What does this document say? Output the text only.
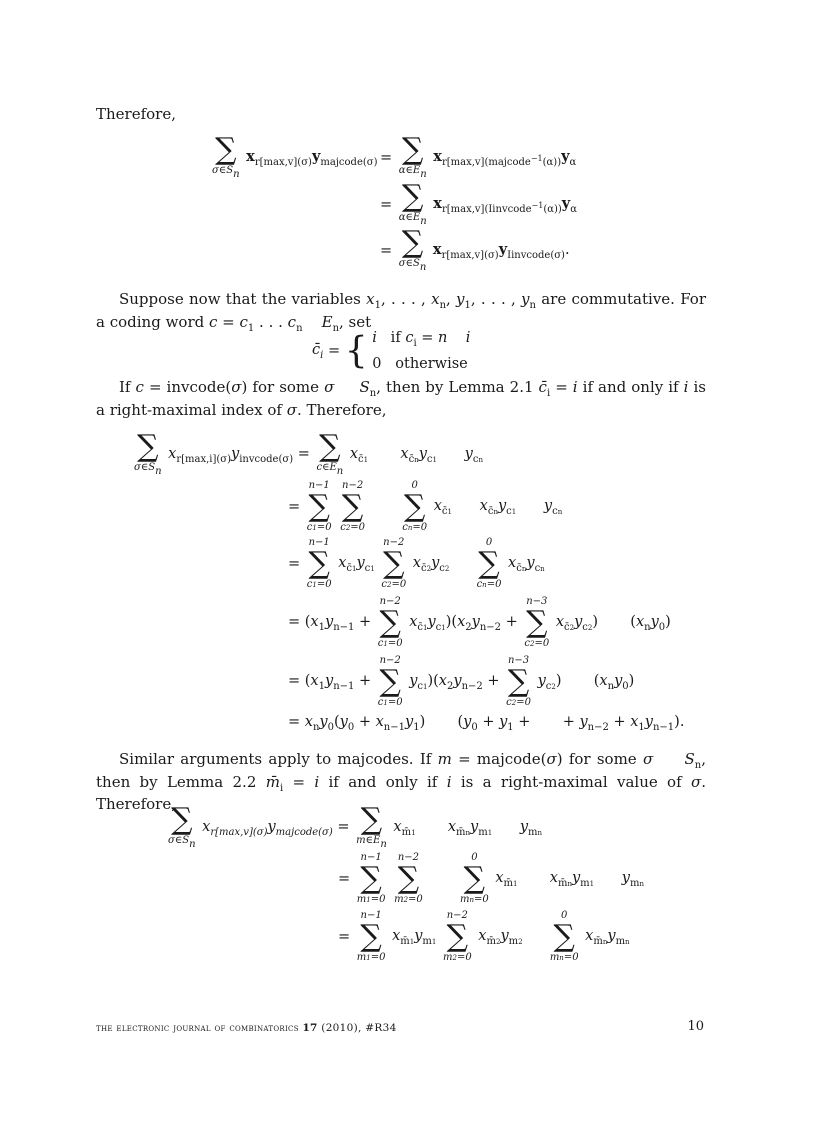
Therefore,

∑
σ∈Sn
$x_{r[max,v](\sigma)}y_{majcode(\sigma)}$ = ∑
α∈En
$x_{r[max,v](majcode^{-1}(\alpha))}y_\alpha$
= ∑
α∈En
$x_{r[max,v](Iinvcode^{-1}(\alpha))}y_\alpha$
= ∑
σ∈Sn
$x_{r[max,v](\sigma)}y_{Iinvcode(\sigma)}$.

Suppose now that the variables $x_1$, . . . , $x_n$, $y_1$, . . . , $y_n$ are commutative. For a coding word $c = c_1$ . . . $c_n$ $E_n$, set

$c̄_i$ = { i   if $c_i = n$ i
0   otherwise

If c = invcode(σ) for some σ $S_n$, then by Lemma 2.1 $c̄_i = i$ if and only if i is a right-maximal index of σ. Therefore,

∑
σ∈Sn
$x_{r[max,i](\sigma)}y_{invcode(\sigma)}$ = ∑
c∈En
$x_{c̄1}$ $x_{c̄n}y_{c1}$ $y_{cn}$
=
n−1
∑
c1=0

n−2
∑
c2=0

0
∑
cn=0
$x_{c̄1}$ $x_{c̄n}y_{c1}$ $y_{cn}$
=
n−1
∑
c1=0
$x_{c̄1}y_{c1}$
n−2
∑
c2=0
$x_{c̄2}y_{c2}$
0
∑
cn=0
$x_{c̄n}y_{cn}$
= ($x_1y_{n-1}$ +
n−2
∑
c1=0
$x_{c̄1}y_{c1})(x_2y_{n-2}$ +
n−3
∑
c2=0
$x_{c̄2}y_{c2}$)       $(x_ny_0)$
= ($x_1y_{n-1}$ +
n−2
∑
c1=0
$y_{c1})(x_2y_{n-2}$ +
n−3
∑
c2=0
$y_{c2}$)       $(x_ny_0)$
= $x_ny_0(y_0 + x_{n-1}y_1)$       ($y_0 + y_1$ +       + $y_{n-2} + x_1y_{n-1}$).

Similar arguments apply to majcodes. If m = majcode(σ) for some σ $S_n$, then by Lemma 2.2 $m̄_i = i$ if and only if i is a right-maximal value of σ. Therefore,

∑
σ∈Sn
$x_{r[max,v](\sigma)}y_{majcode(\sigma)}$ = ∑
m∈En
$x_{m̄1}$ $x_{m̄n}y_{m1}$ $y_{mn}$
=
n−1
∑
m1=0

n−2
∑
m2=0

0
∑
mn=0
$x_{m̄1}$ $x_{m̄n}y_{m1}$ $y_{mn}$
=
n−1
∑
m1=0
$x_{m̄1}y_{m1}$
n−2
∑
m2=0
$x_{m̄2}y_{m2}$
0
∑
mn=0
$x_{m̄n}y_{mn}$
the electronic journal of combinatorics 17 (2010), #R34	10
